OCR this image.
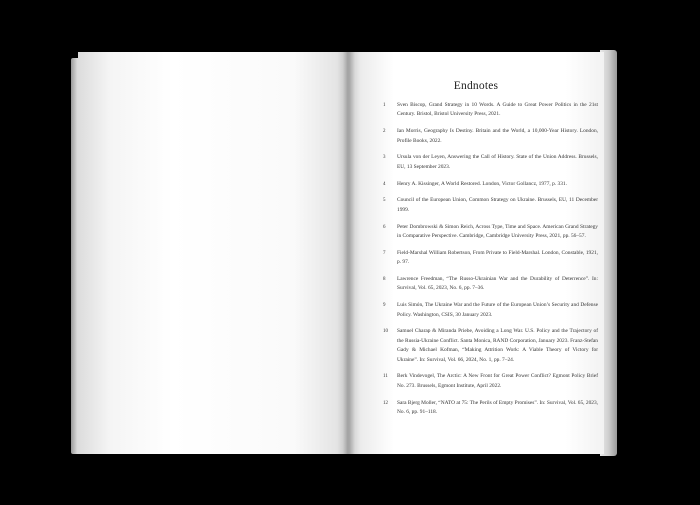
Endnotes
1 Sven Biscop, Grand Strategy in 10 Words. A Guide to Great Power Politics in the 21st Century. Bristol, Bristol University Press, 2021.
2 Ian Morris, Geography Is Destiny. Britain and the World, a 10,000-Year History. London, Profile Books, 2022.
3 Ursula von der Leyen, Answering the Call of History. State of the Union Address. Brussels, EU, 13 September 2023.
4 Henry A. Kissinger, A World Restored. London, Victor Gollancz, 1977, p. 331.
5 Council of the European Union, Common Strategy on Ukraine. Brussels, EU, 11 December 1999.
6 Peter Dombrowski & Simon Reich, Across Type, Time and Space. American Grand Strategy in Comparative Perspective. Cambridge, Cambridge University Press, 2021, pp. 56–57.
7 Field-Marshal William Robertson, From Private to Field-Marshal. London, Constable, 1921, p. 97.
8 Lawrence Freedman, “The Russo-Ukrainian War and the Durability of Deterrence”. In: Survival, Vol. 65, 2023, No. 6, pp. 7–36.
9 Luis Simón, The Ukraine War and the Future of the European Union’s Security and Defense Policy. Washington, CSIS, 30 January 2023.
10 Samuel Charap & Miranda Priebe, Avoiding a Long War. U.S. Policy and the Trajectory of the Russia-Ukraine Conflict. Santa Monica, RAND Corporation, January 2023. Franz-Stefan Gady & Michael Kofman, “Making Attrition Work: A Viable Theory of Victory for Ukraine”. In: Survival, Vol. 66, 2024, No. 1, pp. 7–24.
11 Berk Vindevogel, The Arctic: A New Front for Great Power Conflict? Egmont Policy Brief No. 273. Brussels, Egmont Institute, April 2022.
12 Sara Bjerg Moller, “NATO at 75: The Perils of Empty Promises”. In: Survival, Vol. 65, 2023, No. 6, pp. 91–118.
